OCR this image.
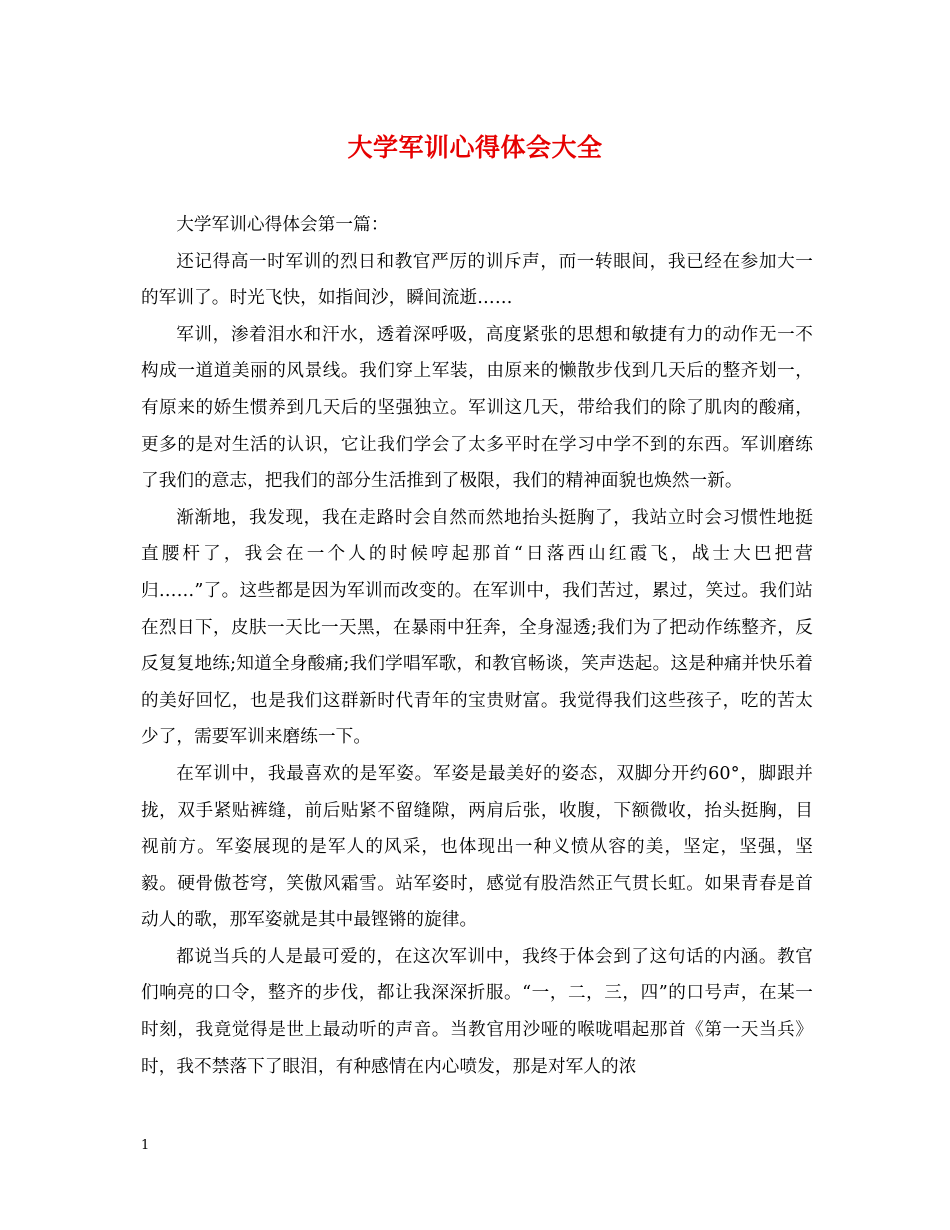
大学军训心得体会大全

大学军训心得体会第一篇：

还记得高一时军训的烈日和教官严厉的训斥声，而一转眼间，我已经在参加大一的军训了。时光飞快，如指间沙，瞬间流逝……

军训，渗着泪水和汗水，透着深呼吸，高度紧张的思想和敏捷有力的动作无一不构成一道道美丽的风景线。我们穿上军装，由原来的懒散步伐到几天后的整齐划一，有原来的娇生惯养到几天后的坚强独立。军训这几天，带给我们的除了肌肉的酸痛，更多的是对生活的认识，它让我们学会了太多平时在学习中学不到的东西。军训磨练了我们的意志，把我们的部分生活推到了极限，我们的精神面貌也焕然一新。

渐渐地，我发现，我在走路时会自然而然地抬头挺胸了，我站立时会习惯性地挺直腰杆了，我会在一个人的时候哼起那首“日落西山红霞飞，战士大巴把营归……”了。这些都是因为军训而改变的。在军训中，我们苦过，累过，笑过。我们站在烈日下，皮肤一天比一天黑，在暴雨中狂奔，全身湿透;我们为了把动作练整齐，反反复复地练;知道全身酸痛;我们学唱军歌，和教官畅谈，笑声迭起。这是种痛并快乐着的美好回忆，也是我们这群新时代青年的宝贵财富。我觉得我们这些孩子，吃的苦太少了，需要军训来磨练一下。

在军训中，我最喜欢的是军姿。军姿是最美好的姿态，双脚分开约60°，脚跟并拢，双手紧贴裤缝，前后贴紧不留缝隙，两肩后张，收腹，下额微收，抬头挺胸，目视前方。军姿展现的是军人的风采，也体现出一种义愤从容的美，坚定，坚强，坚毅。硬骨傲苍穹，笑傲风霜雪。站军姿时，感觉有股浩然正气贯长虹。如果青春是首动人的歌，那军姿就是其中最铿锵的旋律。

都说当兵的人是最可爱的，在这次军训中，我终于体会到了这句话的内涵。教官们响亮的口令，整齐的步伐，都让我深深折服。“一，二，三，四”的口号声，在某一时刻，我竟觉得是世上最动听的声音。当教官用沙哑的喉咙唱起那首《第一天当兵》时，我不禁落下了眼泪，有种感情在内心喷发，那是对军人的浓

1
